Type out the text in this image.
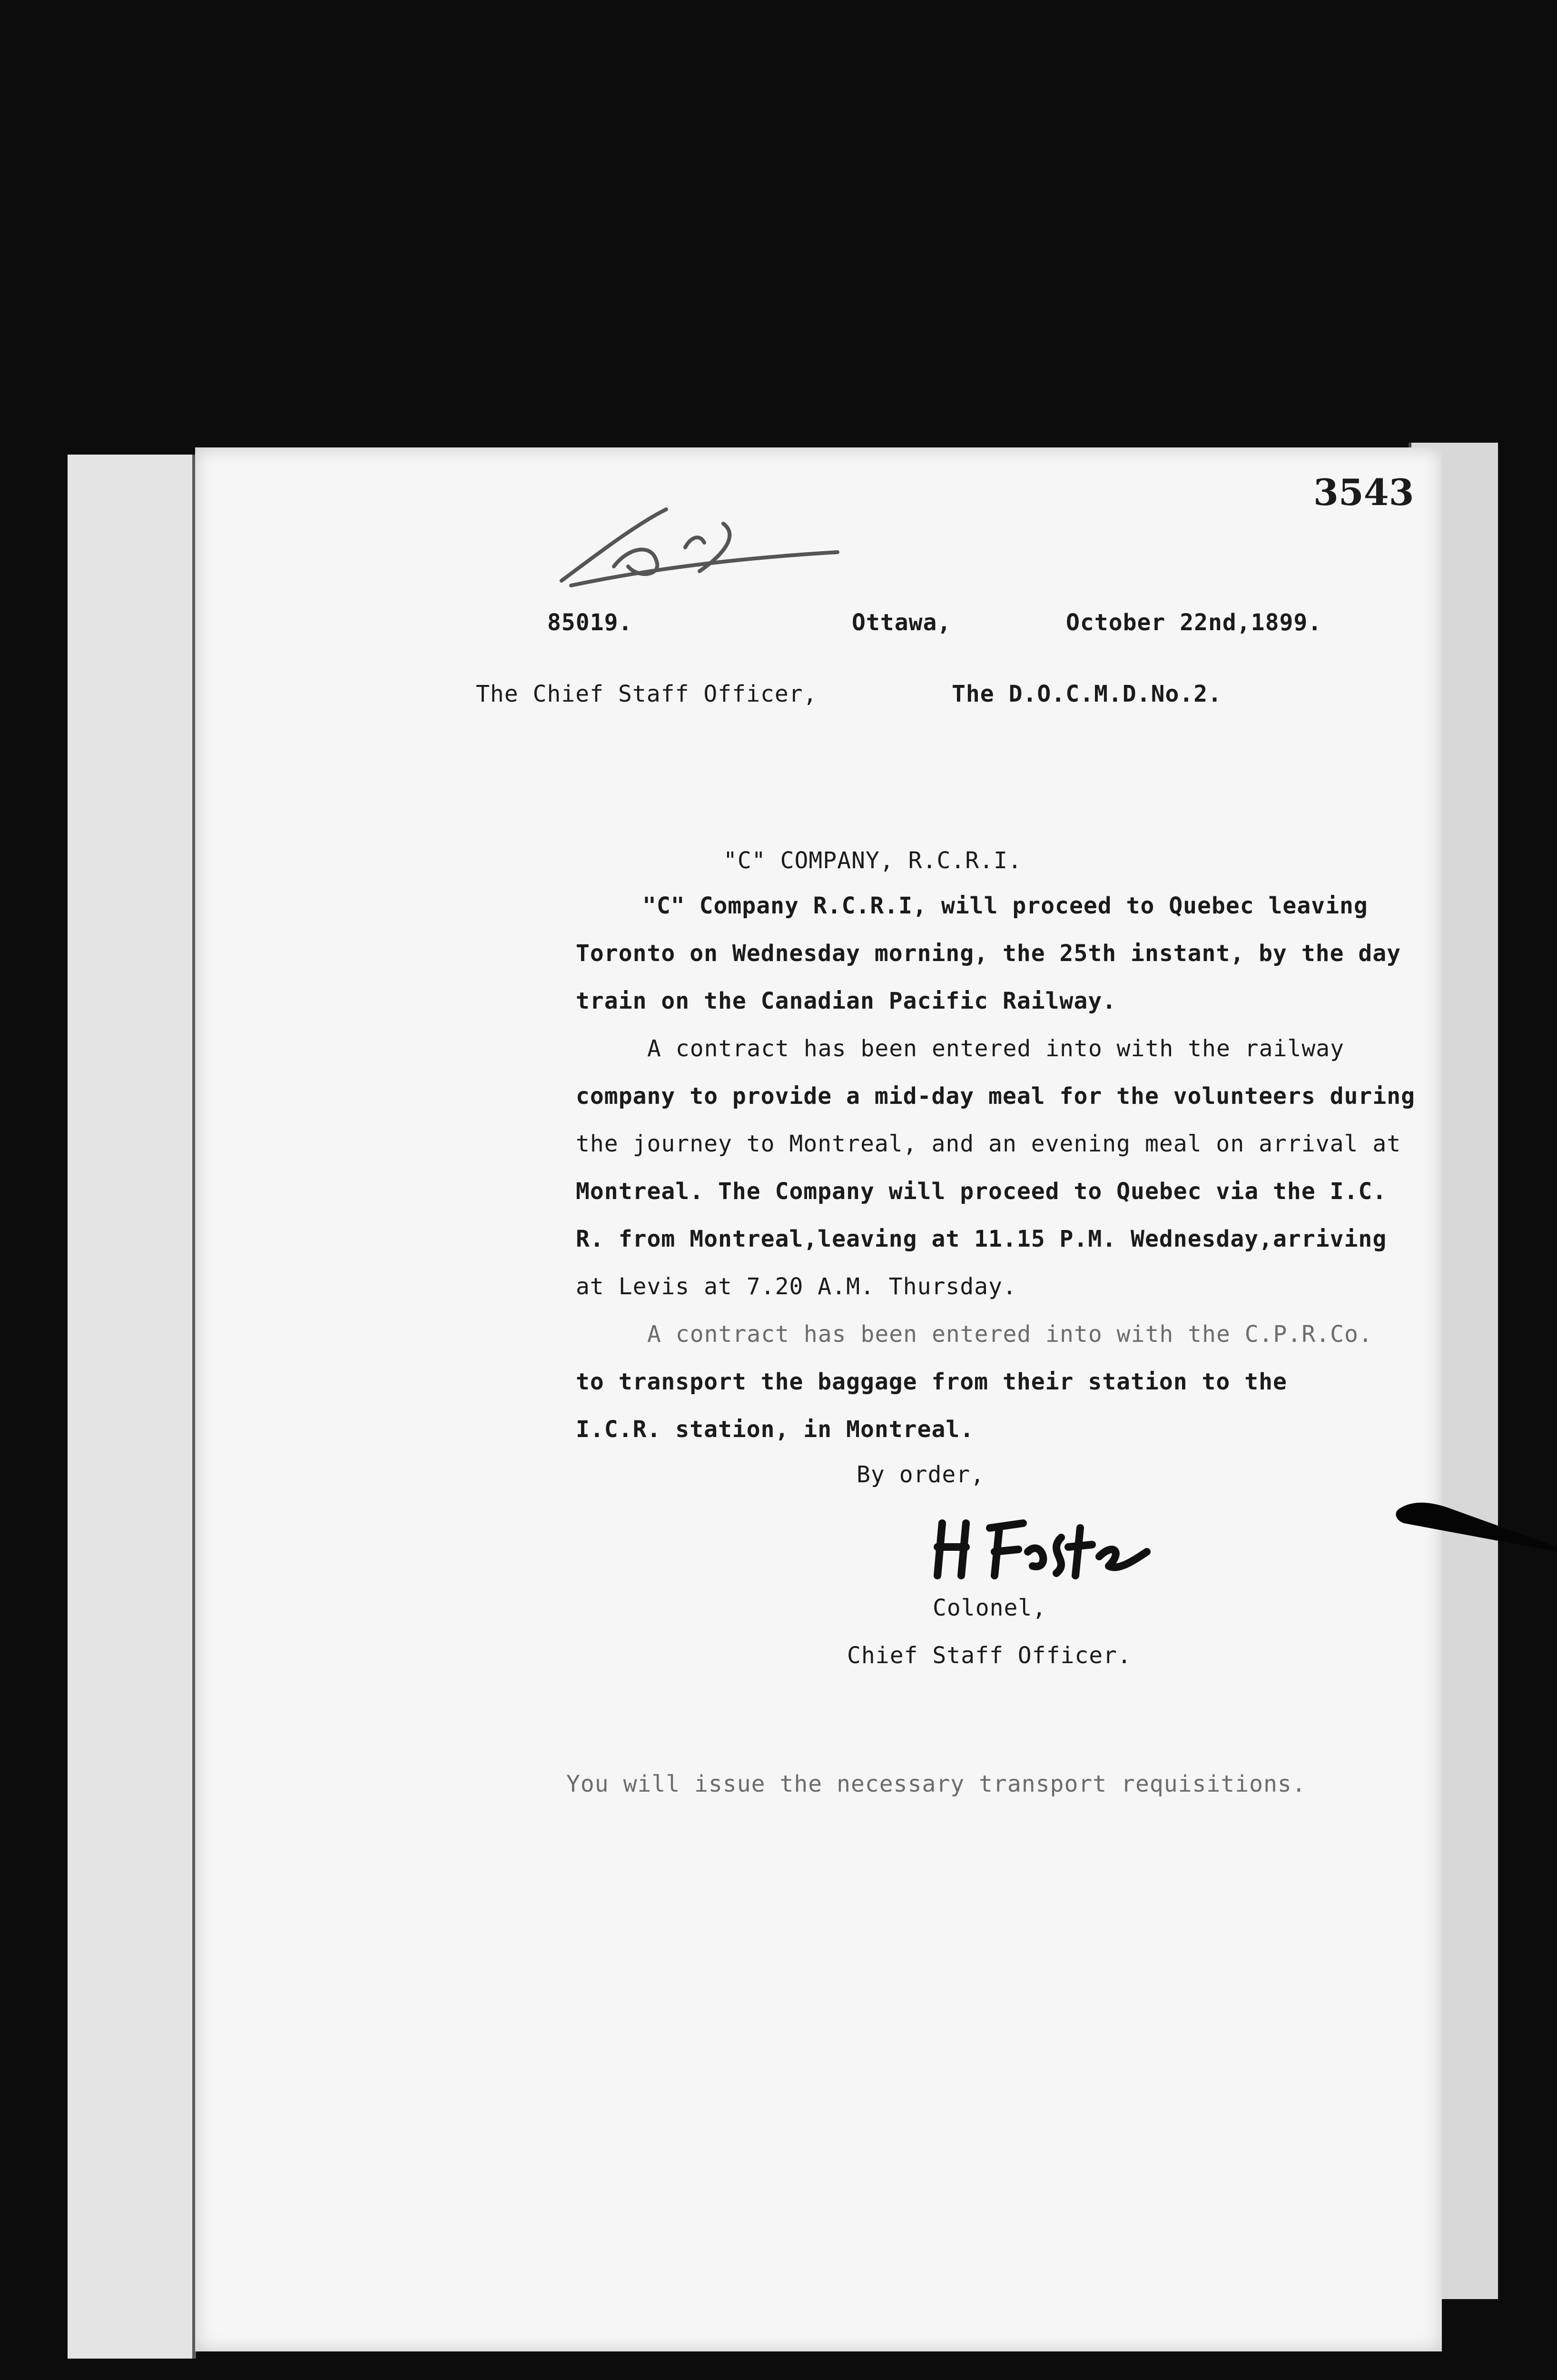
3543
85019.	Ottawa,	October 22nd,1899.
The Chief Staff Officer,	The D.O.C.M.D.No.2.
"C" COMPANY, R.C.R.I.
"C" Company R.C.R.I, will proceed to Quebec leaving
Toronto on Wednesday morning, the 25th instant, by the day
train on the Canadian Pacific Railway.
A contract has been entered into with the railway
company to provide a mid-day meal for the volunteers during
the journey to Montreal, and an evening meal on arrival at
Montreal. The Company will proceed to Quebec via the I.C.
R. from Montreal,leaving at 11.15 P.M. Wednesday,arriving
at Levis at 7.20 A.M. Thursday.
A contract has been entered into with the C.P.R.Co.
to transport the baggage from their station to the
I.C.R. station, in Montreal.
By order,
Colonel,
Chief Staff Officer.
You will issue the necessary transport requisitions.
